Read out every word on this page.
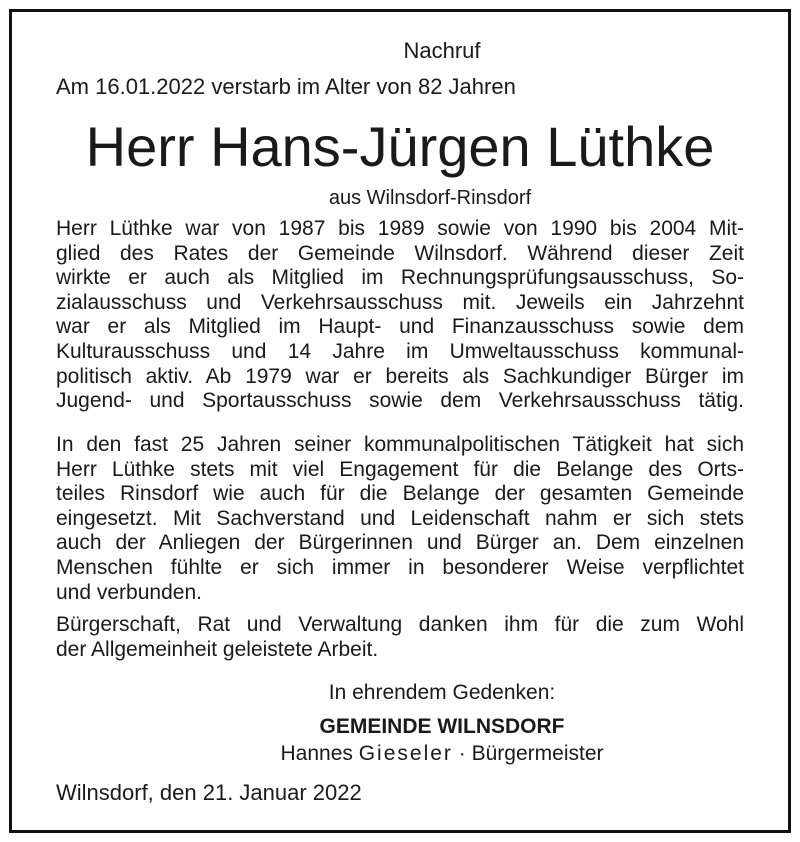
Nachruf
Am 16.01.2022 verstarb im Alter von 82 Jahren
Herr Hans-Jürgen Lüthke
aus Wilnsdorf-Rinsdorf
Herr Lüthke war von 1987 bis 1989 sowie von 1990 bis 2004 Mit-
glied des Rates der Gemeinde Wilnsdorf. Während dieser Zeit
wirkte er auch als Mitglied im Rechnungsprüfungsausschuss, So-
zialausschuss und Verkehrsausschuss mit. Jeweils ein Jahrzehnt
war er als Mitglied im Haupt- und Finanzausschuss sowie dem
Kulturausschuss und 14 Jahre im Umweltausschuss kommunal-
politisch aktiv. Ab 1979 war er bereits als Sachkundiger Bürger im
Jugend- und Sportausschuss sowie dem Verkehrsausschuss tätig.
In den fast 25 Jahren seiner kommunalpolitischen Tätigkeit hat sich
Herr Lüthke stets mit viel Engagement für die Belange des Orts-
teiles Rinsdorf wie auch für die Belange der gesamten Gemeinde
eingesetzt. Mit Sachverstand und Leidenschaft nahm er sich stets
auch der Anliegen der Bürgerinnen und Bürger an. Dem einzelnen
Menschen fühlte er sich immer in besonderer Weise verpflichtet
und verbunden.
Bürgerschaft, Rat und Verwaltung danken ihm für die zum Wohl
der Allgemeinheit geleistete Arbeit.
In ehrendem Gedenken:
GEMEINDE WILNSDORF
Hannes Gieseler · Bürgermeister
Wilnsdorf, den 21. Januar 2022
